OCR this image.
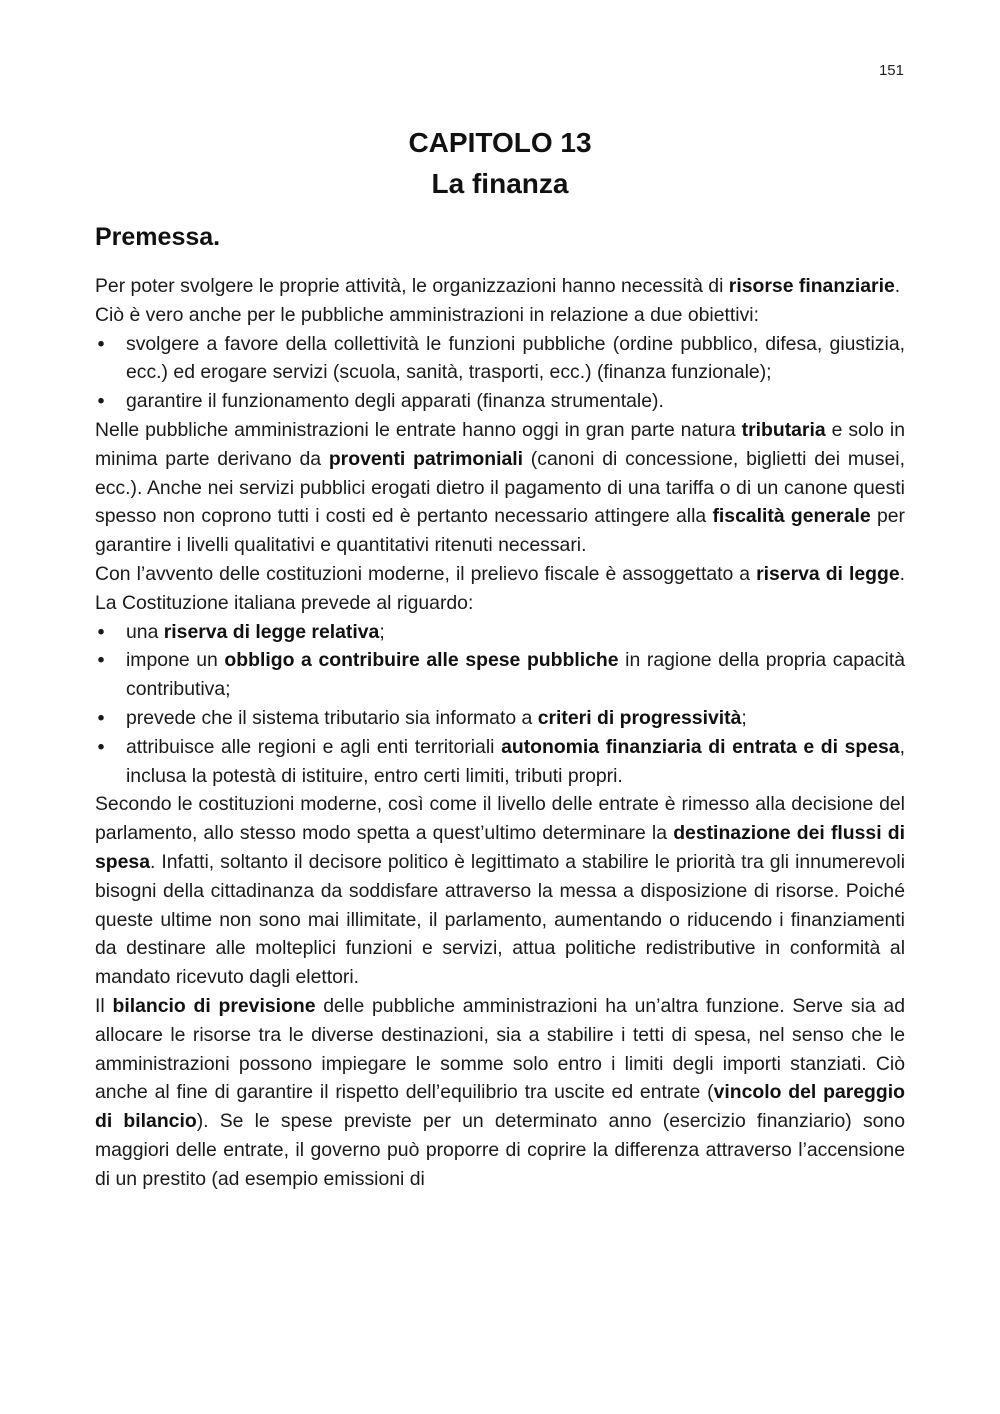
151
CAPITOLO 13
La finanza
Premessa.

Per poter svolgere le proprie attività, le organizzazioni hanno necessità di risorse finanziarie.

Ciò è vero anche per le pubbliche amministrazioni in relazione a due obiettivi:

• svolgere a favore della collettività le funzioni pubbliche (ordine pubblico, difesa, giustizia, ecc.) ed erogare servizi (scuola, sanità, trasporti, ecc.) (finanza funzionale);
• garantire il funzionamento degli apparati (finanza strumentale).

Nelle pubbliche amministrazioni le entrate hanno oggi in gran parte natura tributaria e solo in minima parte derivano da proventi patrimoniali (canoni di concessione, biglietti dei musei, ecc.). Anche nei servizi pubblici erogati dietro il pagamento di una tariffa o di un canone questi spesso non coprono tutti i costi ed è pertanto necessario attingere alla fiscalità generale per garantire i livelli qualitativi e quantitativi ritenuti necessari.

Con l’avvento delle costituzioni moderne, il prelievo fiscale è assoggettato a riserva di legge. La Costituzione italiana prevede al riguardo:

• una riserva di legge relativa;
• impone un obbligo a contribuire alle spese pubbliche in ragione della propria capacità contributiva;
• prevede che il sistema tributario sia informato a criteri di progressività;
• attribuisce alle regioni e agli enti territoriali autonomia finanziaria di entrata e di spesa, inclusa la potestà di istituire, entro certi limiti, tributi propri.

Secondo le costituzioni moderne, così come il livello delle entrate è rimesso alla decisione del parlamento, allo stesso modo spetta a quest’ultimo determinare la destinazione dei flussi di spesa. Infatti, soltanto il decisore politico è legittimato a stabilire le priorità tra gli innumerevoli bisogni della cittadinanza da soddisfare attraverso la messa a disposizione di risorse. Poiché queste ultime non sono mai illimitate, il parlamento, aumentando o riducendo i finanziamenti da destinare alle molteplici funzioni e servizi, attua politiche redistributive in conformità al mandato ricevuto dagli elettori.

Il bilancio di previsione delle pubbliche amministrazioni ha un’altra funzione. Serve sia ad allocare le risorse tra le diverse destinazioni, sia a stabilire i tetti di spesa, nel senso che le amministrazioni possono impiegare le somme solo entro i limiti degli importi stanziati. Ciò anche al fine di garantire il rispetto dell’equilibrio tra uscite ed entrate (vincolo del pareggio di bilancio). Se le spese previste per un determinato anno (esercizio finanziario) sono maggiori delle entrate, il governo può proporre di coprire la differenza attraverso l’accensione di un prestito (ad esempio emissioni di
